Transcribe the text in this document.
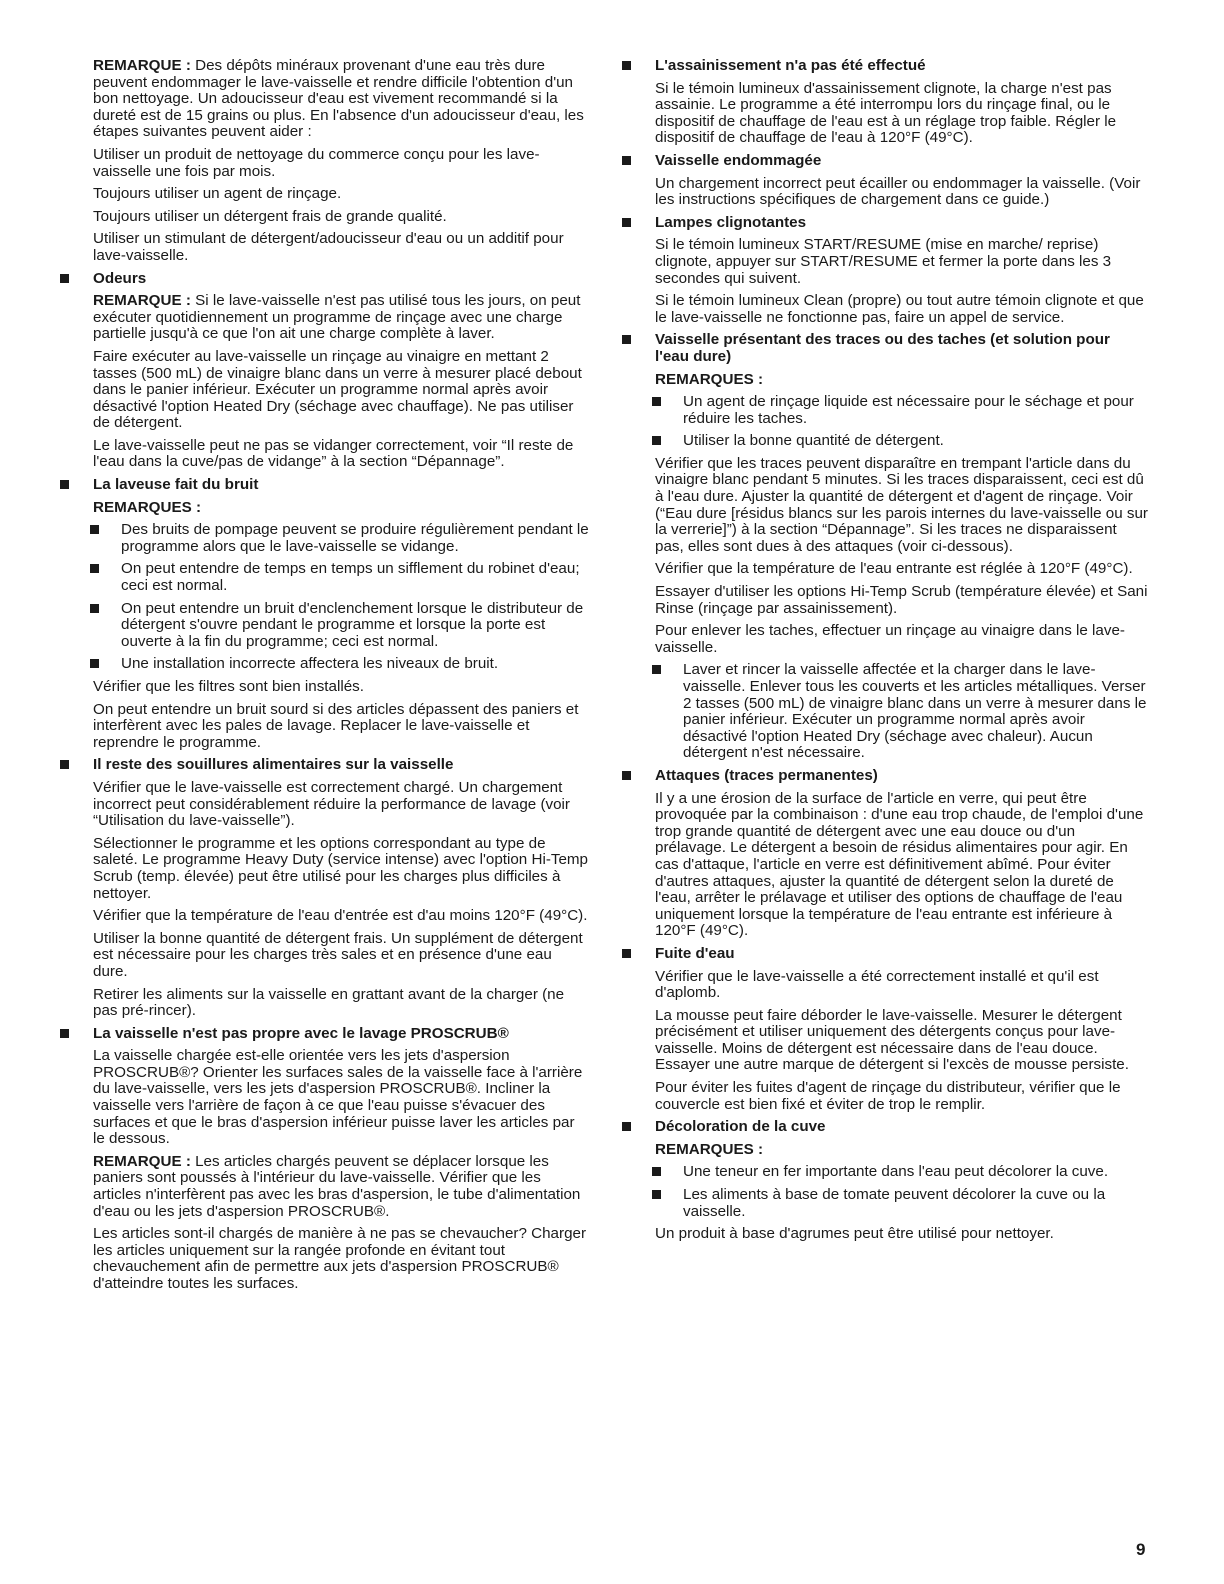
REMARQUE : Des dépôts minéraux provenant d'une eau très dure peuvent endommager le lave-vaisselle et rendre difficile l'obtention d'un bon nettoyage. Un adoucisseur d'eau est vivement recommandé si la dureté est de 15 grains ou plus. En l'absence d'un adoucisseur d'eau, les étapes suivantes peuvent aider :

Utiliser un produit de nettoyage du commerce conçu pour les lave-vaisselle une fois par mois.

Toujours utiliser un agent de rinçage.

Toujours utiliser un détergent frais de grande qualité.

Utiliser un stimulant de détergent/adoucisseur d'eau ou un additif pour lave-vaisselle.

Odeurs

REMARQUE : Si le lave-vaisselle n'est pas utilisé tous les jours, on peut exécuter quotidiennement un programme de rinçage avec une charge partielle jusqu'à ce que l'on ait une charge complète à laver.

Faire exécuter au lave-vaisselle un rinçage au vinaigre en mettant 2 tasses (500 mL) de vinaigre blanc dans un verre à mesurer placé debout dans le panier inférieur. Exécuter un programme normal après avoir désactivé l'option Heated Dry (séchage avec chauffage). Ne pas utiliser de détergent.

Le lave-vaisselle peut ne pas se vidanger correctement, voir “Il reste de l'eau dans la cuve/pas de vidange” à la section “Dépannage”.

La laveuse fait du bruit

REMARQUES :

Des bruits de pompage peuvent se produire régulièrement pendant le programme alors que le lave-vaisselle se vidange.

On peut entendre de temps en temps un sifflement du robinet d'eau; ceci est normal.

On peut entendre un bruit d'enclenchement lorsque le distributeur de détergent s'ouvre pendant le programme et lorsque la porte est ouverte à la fin du programme; ceci est normal.

Une installation incorrecte affectera les niveaux de bruit.

Vérifier que les filtres sont bien installés.

On peut entendre un bruit sourd si des articles dépassent des paniers et interfèrent avec les pales de lavage. Replacer le lave-vaisselle et reprendre le programme.

Il reste des souillures alimentaires sur la vaisselle

Vérifier que le lave-vaisselle est correctement chargé. Un chargement incorrect peut considérablement réduire la performance de lavage (voir “Utilisation du lave-vaisselle”).

Sélectionner le programme et les options correspondant au type de saleté. Le programme Heavy Duty (service intense) avec l'option Hi-Temp Scrub (temp. élevée) peut être utilisé pour les charges plus difficiles à nettoyer.

Vérifier que la température de l'eau d'entrée est d'au moins 120°F (49°C).

Utiliser la bonne quantité de détergent frais. Un supplément de détergent est nécessaire pour les charges très sales et en présence d'une eau dure.

Retirer les aliments sur la vaisselle en grattant avant de la charger (ne pas pré-rincer).

La vaisselle n'est pas propre avec le lavage PROSCRUB®

La vaisselle chargée est-elle orientée vers les jets d'aspersion PROSCRUB®? Orienter les surfaces sales de la vaisselle face à l'arrière du lave-vaisselle, vers les jets d'aspersion PROSCRUB®. Incliner la vaisselle vers l'arrière de façon à ce que l'eau puisse s'évacuer des surfaces et que le bras d'aspersion inférieur puisse laver les articles par le dessous.

REMARQUE : Les articles chargés peuvent se déplacer lorsque les paniers sont poussés à l'intérieur du lave-vaisselle. Vérifier que les articles n'interfèrent pas avec les bras d'aspersion, le tube d'alimentation d'eau ou les jets d'aspersion PROSCRUB®.

Les articles sont-il chargés de manière à ne pas se chevaucher? Charger les articles uniquement sur la rangée profonde en évitant tout chevauchement afin de permettre aux jets d'aspersion PROSCRUB® d'atteindre toutes les surfaces.

L'assainissement n'a pas été effectué

Si le témoin lumineux d'assainissement clignote, la charge n'est pas assainie. Le programme a été interrompu lors du rinçage final, ou le dispositif de chauffage de l'eau est à un réglage trop faible. Régler le dispositif de chauffage de l'eau à 120°F (49°C).

Vaisselle endommagée

Un chargement incorrect peut écailler ou endommager la vaisselle. (Voir les instructions spécifiques de chargement dans ce guide.)

Lampes clignotantes

Si le témoin lumineux START/RESUME (mise en marche/ reprise) clignote, appuyer sur START/RESUME et fermer la porte dans les 3 secondes qui suivent.

Si le témoin lumineux Clean (propre) ou tout autre témoin clignote et que le lave-vaisselle ne fonctionne pas, faire un appel de service.

Vaisselle présentant des traces ou des taches (et solution pour l'eau dure)

REMARQUES :

Un agent de rinçage liquide est nécessaire pour le séchage et pour réduire les taches.

Utiliser la bonne quantité de détergent.

Vérifier que les traces peuvent disparaître en trempant l'article dans du vinaigre blanc pendant 5 minutes. Si les traces disparaissent, ceci est dû à l'eau dure. Ajuster la quantité de détergent et d'agent de rinçage. Voir (“Eau dure [résidus blancs sur les parois internes du lave-vaisselle ou sur la verrerie]”) à la section “Dépannage”. Si les traces ne disparaissent pas, elles sont dues à des attaques (voir ci-dessous).

Vérifier que la température de l'eau entrante est réglée à 120°F (49°C).

Essayer d'utiliser les options Hi-Temp Scrub (température élevée) et Sani Rinse (rinçage par assainissement).

Pour enlever les taches, effectuer un rinçage au vinaigre dans le lave-vaisselle.

Laver et rincer la vaisselle affectée et la charger dans le lave-vaisselle. Enlever tous les couverts et les articles métalliques. Verser 2 tasses (500 mL) de vinaigre blanc dans un verre à mesurer dans le panier inférieur. Exécuter un programme normal après avoir désactivé l'option Heated Dry (séchage avec chaleur). Aucun détergent n'est nécessaire.

Attaques (traces permanentes)

Il y a une érosion de la surface de l'article en verre, qui peut être provoquée par la combinaison : d'une eau trop chaude, de l'emploi d'une trop grande quantité de détergent avec une eau douce ou d'un prélavage. Le détergent a besoin de résidus alimentaires pour agir. En cas d'attaque, l'article en verre est définitivement abîmé. Pour éviter d'autres attaques, ajuster la quantité de détergent selon la dureté de l'eau, arrêter le prélavage et utiliser des options de chauffage de l'eau uniquement lorsque la température de l'eau entrante est inférieure à 120°F (49°C).

Fuite d'eau

Vérifier que le lave-vaisselle a été correctement installé et qu'il est d'aplomb.

La mousse peut faire déborder le lave-vaisselle. Mesurer le détergent précisément et utiliser uniquement des détergents conçus pour lave-vaisselle. Moins de détergent est nécessaire dans de l'eau douce. Essayer une autre marque de détergent si l'excès de mousse persiste.

Pour éviter les fuites d'agent de rinçage du distributeur, vérifier que le couvercle est bien fixé et éviter de trop le remplir.

Décoloration de la cuve

REMARQUES :

Une teneur en fer importante dans l'eau peut décolorer la cuve.

Les aliments à base de tomate peuvent décolorer la cuve ou la vaisselle.

Un produit à base d'agrumes peut être utilisé pour nettoyer.

9
